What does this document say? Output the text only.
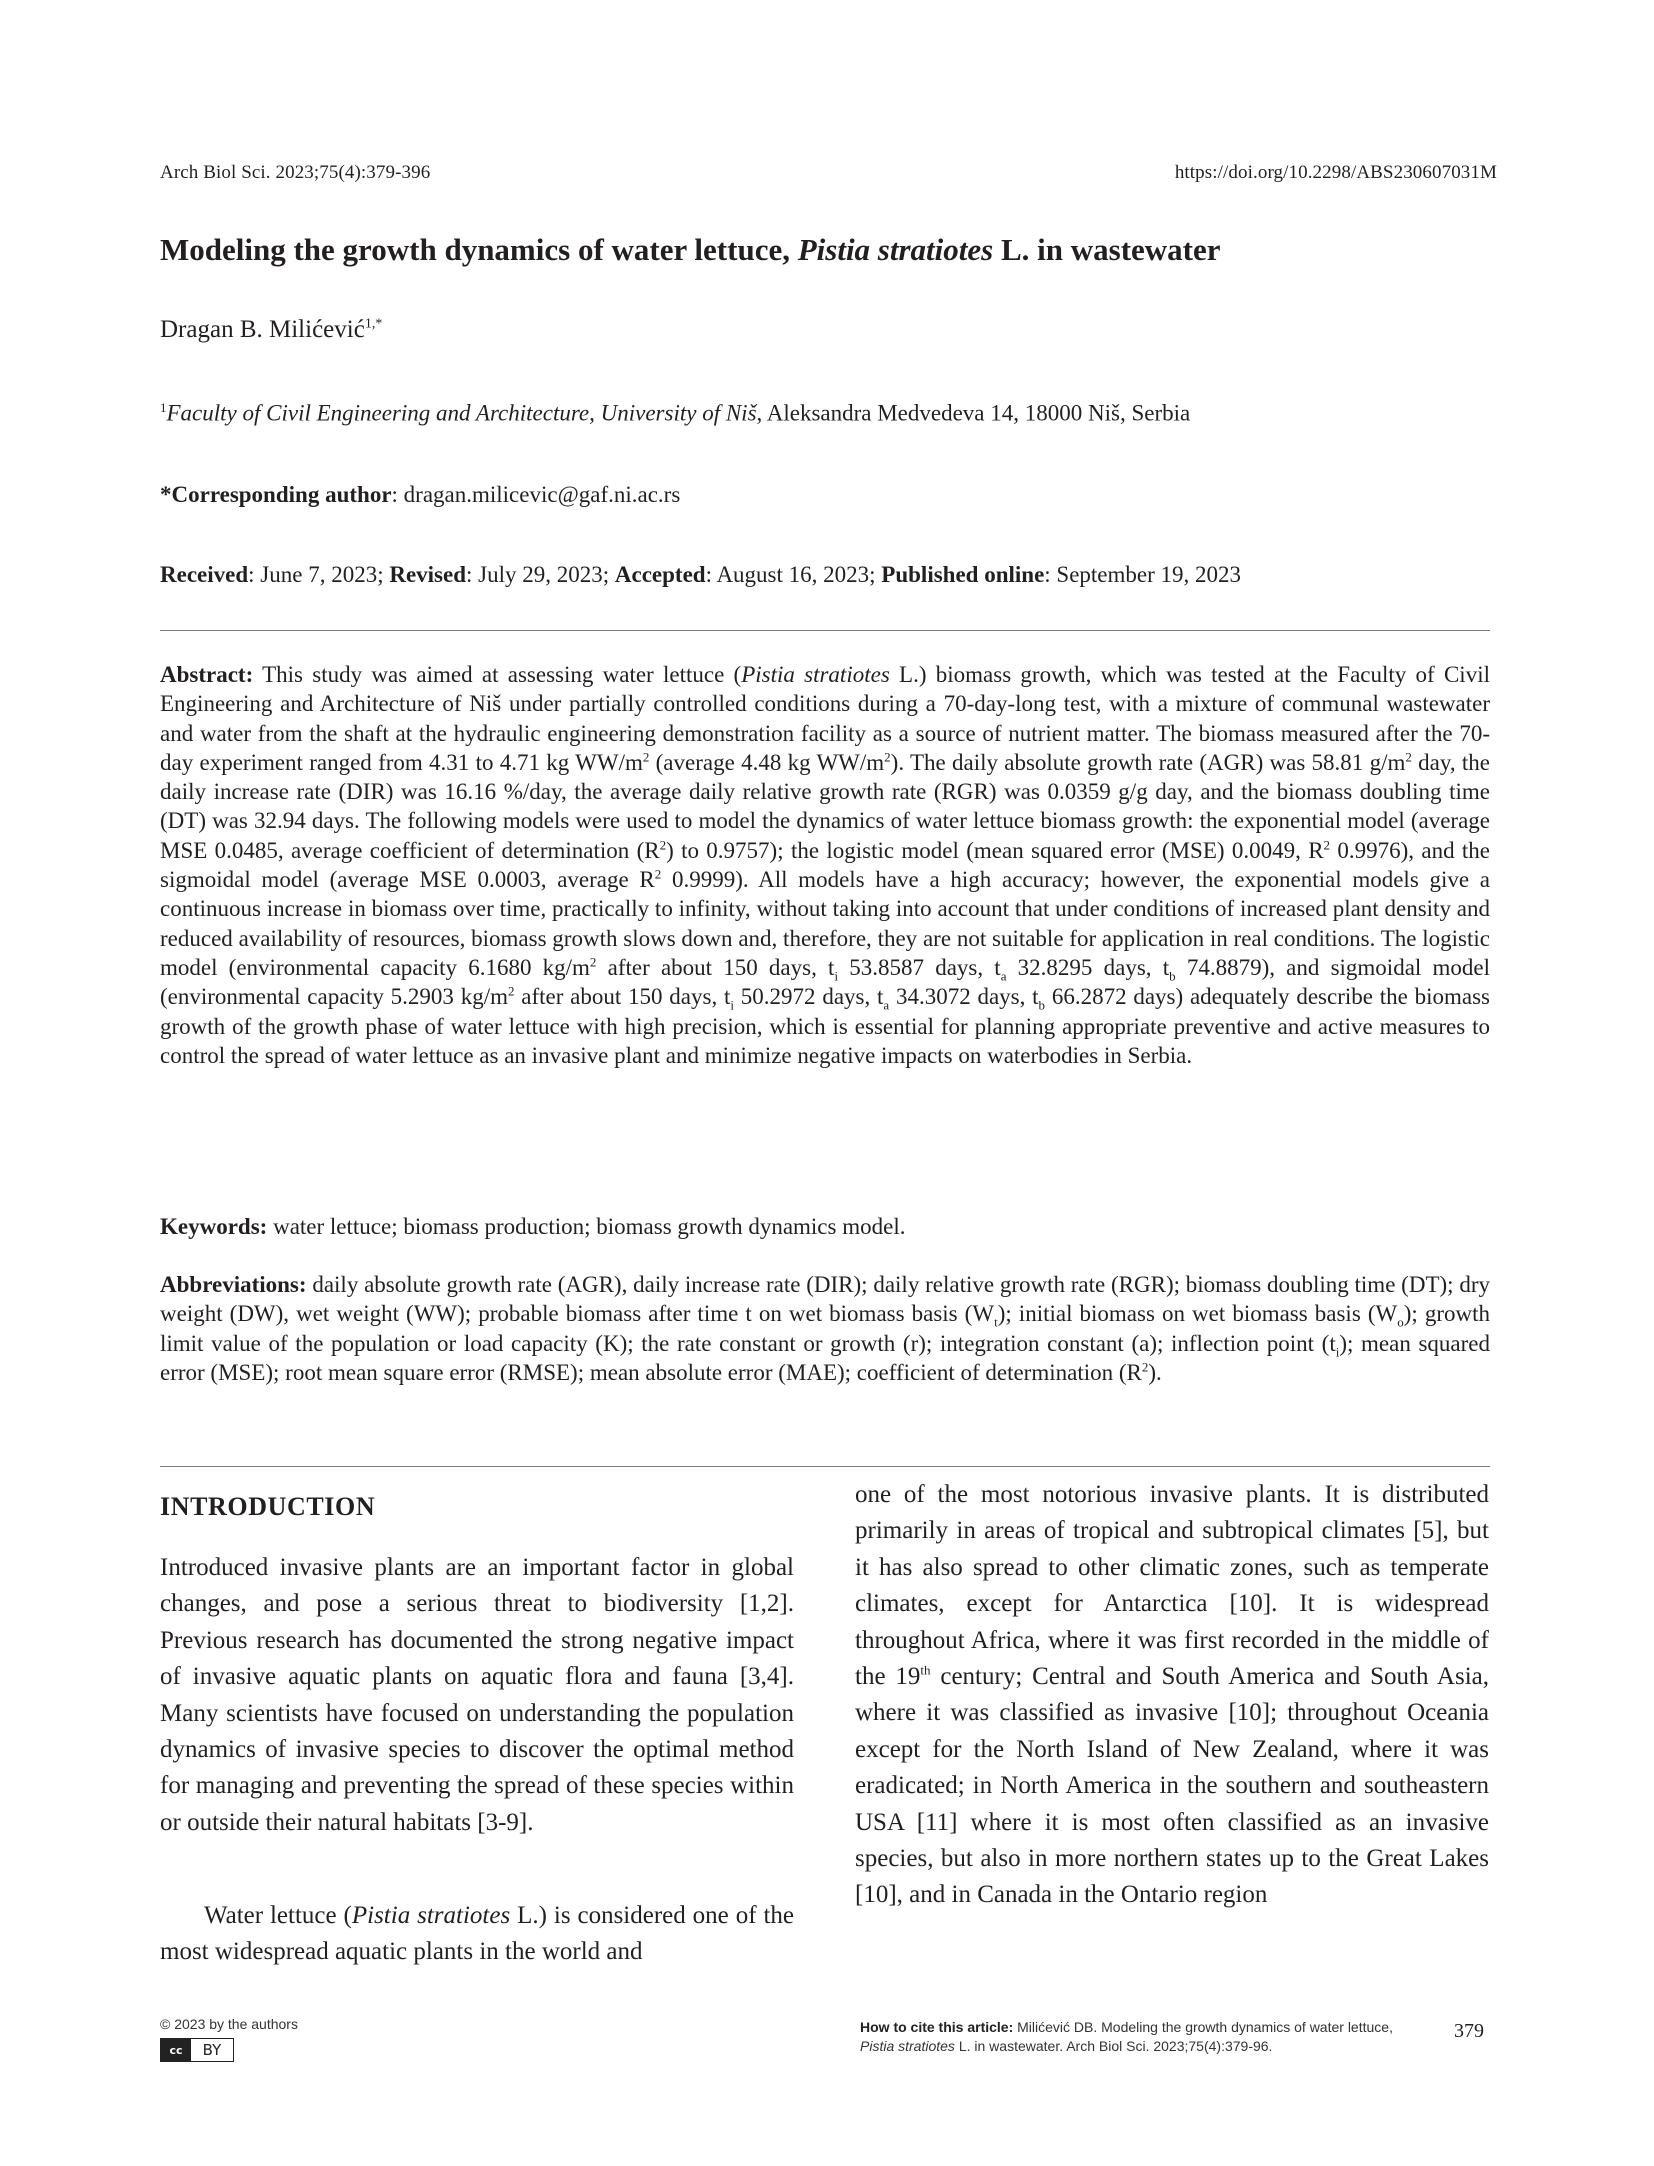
Arch Biol Sci. 2023;75(4):379-396	https://doi.org/10.2298/ABS230607031M
Modeling the growth dynamics of water lettuce, Pistia stratiotes L. in wastewater
Dragan B. Milićević$^{1,*}$
$^1$Faculty of Civil Engineering and Architecture, University of Niš, Aleksandra Medvedeva 14, 18000 Niš, Serbia
*Corresponding author: dragan.milicevic@gaf.ni.ac.rs
Received: June 7, 2023; Revised: July 29, 2023; Accepted: August 16, 2023; Published online: September 19, 2023
Abstract: This study was aimed at assessing water lettuce (Pistia stratiotes L.) biomass growth, which was tested at the Faculty of Civil Engineering and Architecture of Niš under partially controlled conditions during a 70-day-long test, with a mixture of communal wastewater and water from the shaft at the hydraulic engineering demonstration facility as a source of nutrient matter. The biomass measured after the 70-day experiment ranged from 4.31 to 4.71 kg $WW/m^2$ (average 4.48 kg $WW/m^2$). The daily absolute growth rate (AGR) was 58.81 $g/m^2$ day, the daily increase rate (DIR) was 16.16 %/day, the average daily relative growth rate (RGR) was 0.0359 g/g day, and the biomass doubling time (DT) was 32.94 days. The following models were used to model the dynamics of water lettuce biomass growth: the exponential model (average MSE 0.0485, average coefficient of determination $(R^2)$ to 0.9757); the logistic model (mean squared error (MSE) 0.0049, $R^2$ 0.9976), and the sigmoidal model (average MSE 0.0003, average $R^2$ 0.9999). All models have a high accuracy; however, the exponential models give a continuous increase in biomass over time, practically to infinity, without taking into account that under conditions of increased plant density and reduced availability of resources, biomass growth slows down and, therefore, they are not suitable for application in real conditions. The logistic model (environmental capacity 6.1680 $kg/m^2$ after about 150 days, $t_i$ 53.8587 days, $t_a$ 32.8295 days, $t_b$ 74.8879), and sigmoidal model (environmental capacity 5.2903 $kg/m^2$ after about 150 days, $t_i$ 50.2972 days, $t_a$ 34.3072 days, $t_b$ 66.2872 days) adequately describe the biomass growth of the growth phase of water lettuce with high precision, which is essential for planning appropriate preventive and active measures to control the spread of water lettuce as an invasive plant and minimize negative impacts on waterbodies in Serbia.
Keywords: water lettuce; biomass production; biomass growth dynamics model.
Abbreviations: daily absolute growth rate (AGR), daily increase rate (DIR); daily relative growth rate (RGR); biomass doubling time (DT); dry weight (DW), wet weight (WW); probable biomass after time t on wet biomass basis $(W_t)$; initial biomass on wet biomass basis $(W_o)$; growth limit value of the population or load capacity (K); the rate constant or growth (r); integration constant (a); inflection point $(t_i)$; mean squared error (MSE); root mean square error (RMSE); mean absolute error (MAE); coefficient of determination $(R^2)$.
INTRODUCTION
Introduced invasive plants are an important factor in global changes, and pose a serious threat to biodiversity [1,2]. Previous research has documented the strong negative impact of invasive aquatic plants on aquatic flora and fauna [3,4]. Many scientists have focused on understanding the population dynamics of invasive species to discover the optimal method for managing and preventing the spread of these species within or outside their natural habitats [3-9].
Water lettuce (Pistia stratiotes L.) is considered one of the most widespread aquatic plants in the world and
one of the most notorious invasive plants. It is distributed primarily in areas of tropical and subtropical climates [5], but it has also spread to other climatic zones, such as temperate climates, except for Antarctica [10]. It is widespread throughout Africa, where it was first recorded in the middle of the 19th century; Central and South America and South Asia, where it was classified as invasive [10]; throughout Oceania except for the North Island of New Zealand, where it was eradicated; in North America in the southern and southeastern USA [11] where it is most often classified as an invasive species, but also in more northern states up to the Great Lakes [10], and in Canada in the Ontario region
© 2023 by the authors
cc	BY
How to cite this article: Milićević DB. Modeling the growth dynamics of water lettuce, Pistia stratiotes L. in wastewater. Arch Biol Sci. 2023;75(4):379-96.
379
